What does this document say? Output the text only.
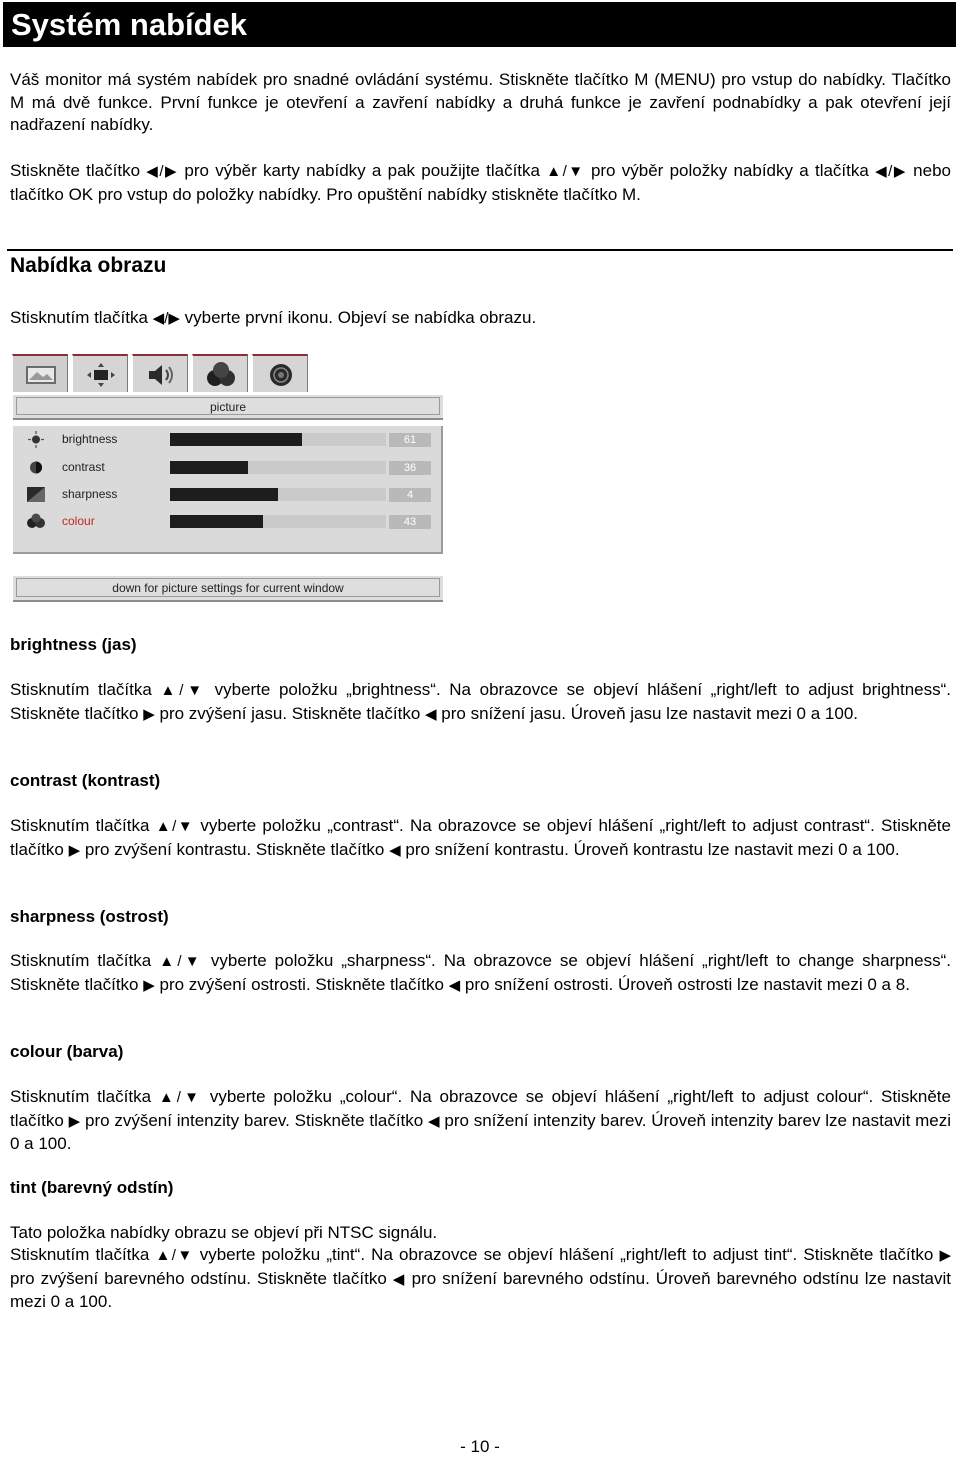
Systém nabídek

Váš monitor má systém nabídek pro snadné ovládání systému. Stiskněte tlačítko M (MENU) pro vstup do nabídky. Tlačítko M má dvě funkce. První funkce je otevření a zavření nabídky a druhá funkce je zavření podnabídky a pak otevření její nadřazení nabídky.

Stiskněte tlačítko ◀/▶ pro výběr karty nabídky a pak použijte tlačítka ▲/▼ pro výběr položky nabídky a tlačítka ◀/▶ nebo tlačítko OK pro vstup do položky nabídky. Pro opuštění nabídky stiskněte tlačítko M.

Nabídka obrazu

Stisknutím tlačítka ◀/▶ vyberte první ikonu. Objeví se nabídka obrazu.

picture
brightness	61
contrast	36
sharpness	4
colour	43
down for picture settings for current window
brightness (jas)

Stisknutím tlačítka ▲/▼ vyberte položku „brightness“. Na obrazovce se objeví hlášení „right/left to adjust brightness“. Stiskněte tlačítko ▶ pro zvýšení jasu. Stiskněte tlačítko ◀ pro snížení jasu. Úroveň jasu lze nastavit mezi 0 a 100.

contrast (kontrast)

Stisknutím tlačítka ▲/▼ vyberte položku „contrast“. Na obrazovce se objeví hlášení „right/left to adjust contrast“. Stiskněte tlačítko ▶ pro zvýšení kontrastu. Stiskněte tlačítko ◀ pro snížení kontrastu. Úroveň kontrastu lze nastavit mezi 0 a 100.

sharpness (ostrost)

Stisknutím tlačítka ▲/▼ vyberte položku „sharpness“. Na obrazovce se objeví hlášení „right/left to change sharpness“. Stiskněte tlačítko ▶ pro zvýšení ostrosti. Stiskněte tlačítko ◀ pro snížení ostrosti. Úroveň ostrosti lze nastavit mezi 0 a 8.

colour (barva)

Stisknutím tlačítka ▲/▼ vyberte položku „colour“. Na obrazovce se objeví hlášení „right/left to adjust colour“. Stiskněte tlačítko ▶ pro zvýšení intenzity barev. Stiskněte tlačítko ◀ pro snížení intenzity barev. Úroveň intenzity barev lze nastavit mezi 0 a 100.

tint (barevný odstín)

Tato položka nabídky obrazu se objeví při NTSC signálu.

Stisknutím tlačítka ▲/▼ vyberte položku „tint“. Na obrazovce se objeví hlášení „right/left to adjust tint“. Stiskněte tlačítko ▶ pro zvýšení barevného odstínu. Stiskněte tlačítko ◀ pro snížení barevného odstínu. Úroveň barevného odstínu lze nastavit mezi 0 a 100.

- 10 -
